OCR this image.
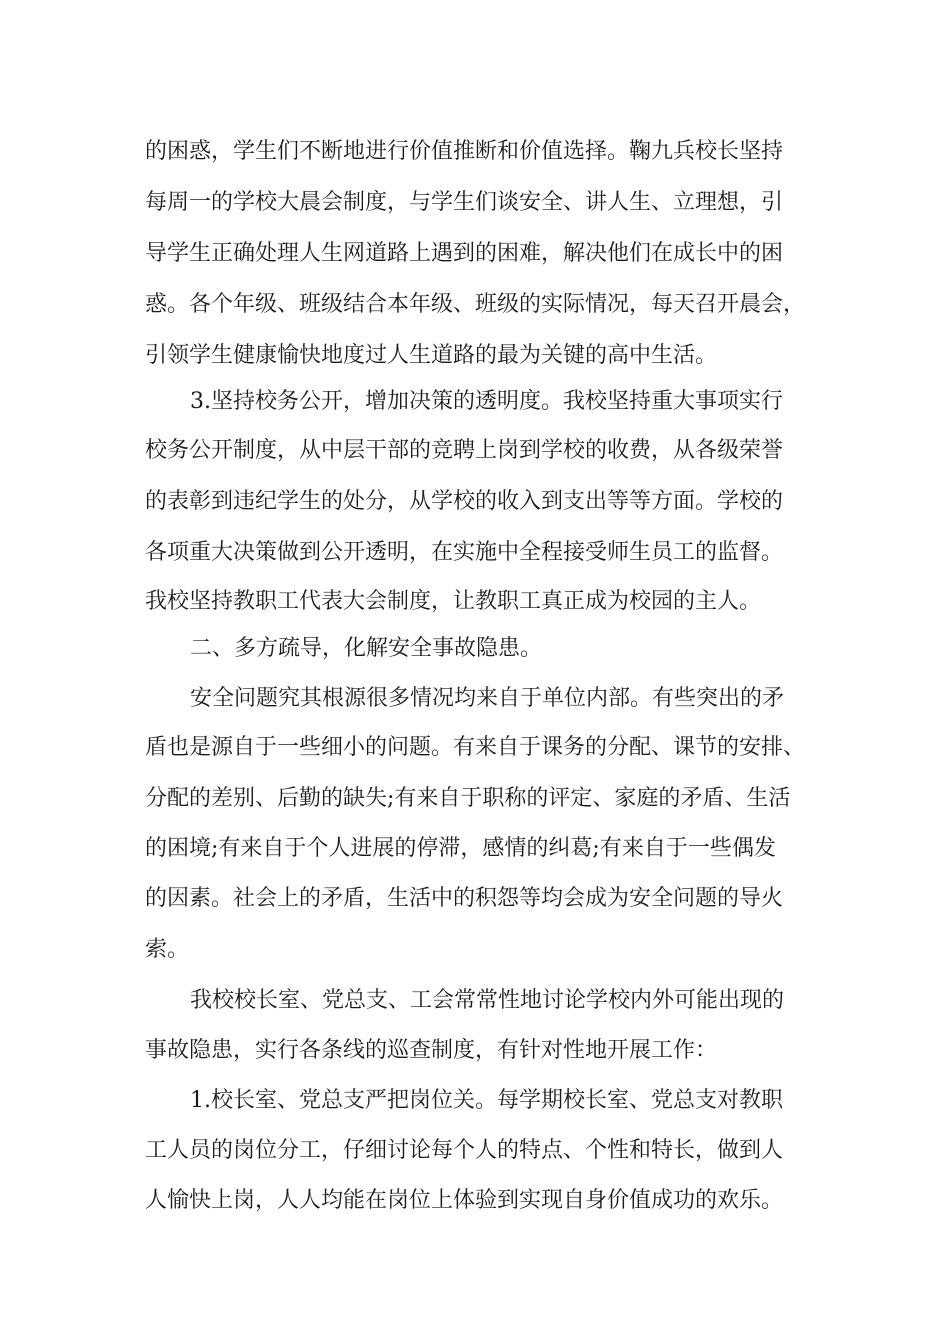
的困惑，学生们不断地进行价值推断和价值选择。鞠九兵校长坚持
每周一的学校大晨会制度，与学生们谈安全、讲人生、立理想，引
导学生正确处理人生网道路上遇到的困难，解决他们在成长中的困
惑。各个年级、班级结合本年级、班级的实际情况，每天召开晨会，
引领学生健康愉快地度过人生道路的最为关键的高中生活。
3.坚持校务公开，增加决策的透明度。我校坚持重大事项实行
校务公开制度，从中层干部的竞聘上岗到学校的收费，从各级荣誉
的表彰到违纪学生的处分，从学校的收入到支出等等方面。学校的
各项重大决策做到公开透明，在实施中全程接受师生员工的监督。
我校坚持教职工代表大会制度，让教职工真正成为校园的主人。
二、多方疏导，化解安全事故隐患。
安全问题究其根源很多情况均来自于单位内部。有些突出的矛
盾也是源自于一些细小的问题。有来自于课务的分配、课节的安排、
分配的差别、后勤的缺失;有来自于职称的评定、家庭的矛盾、生活
的困境;有来自于个人进展的停滞，感情的纠葛;有来自于一些偶发
的因素。社会上的矛盾，生活中的积怨等均会成为安全问题的导火
索。
我校校长室、党总支、工会常常性地讨论学校内外可能出现的
事故隐患，实行各条线的巡查制度，有针对性地开展工作：
1.校长室、党总支严把岗位关。每学期校长室、党总支对教职
工人员的岗位分工，仔细讨论每个人的特点、个性和特长，做到人
人愉快上岗，人人均能在岗位上体验到实现自身价值成功的欢乐。
